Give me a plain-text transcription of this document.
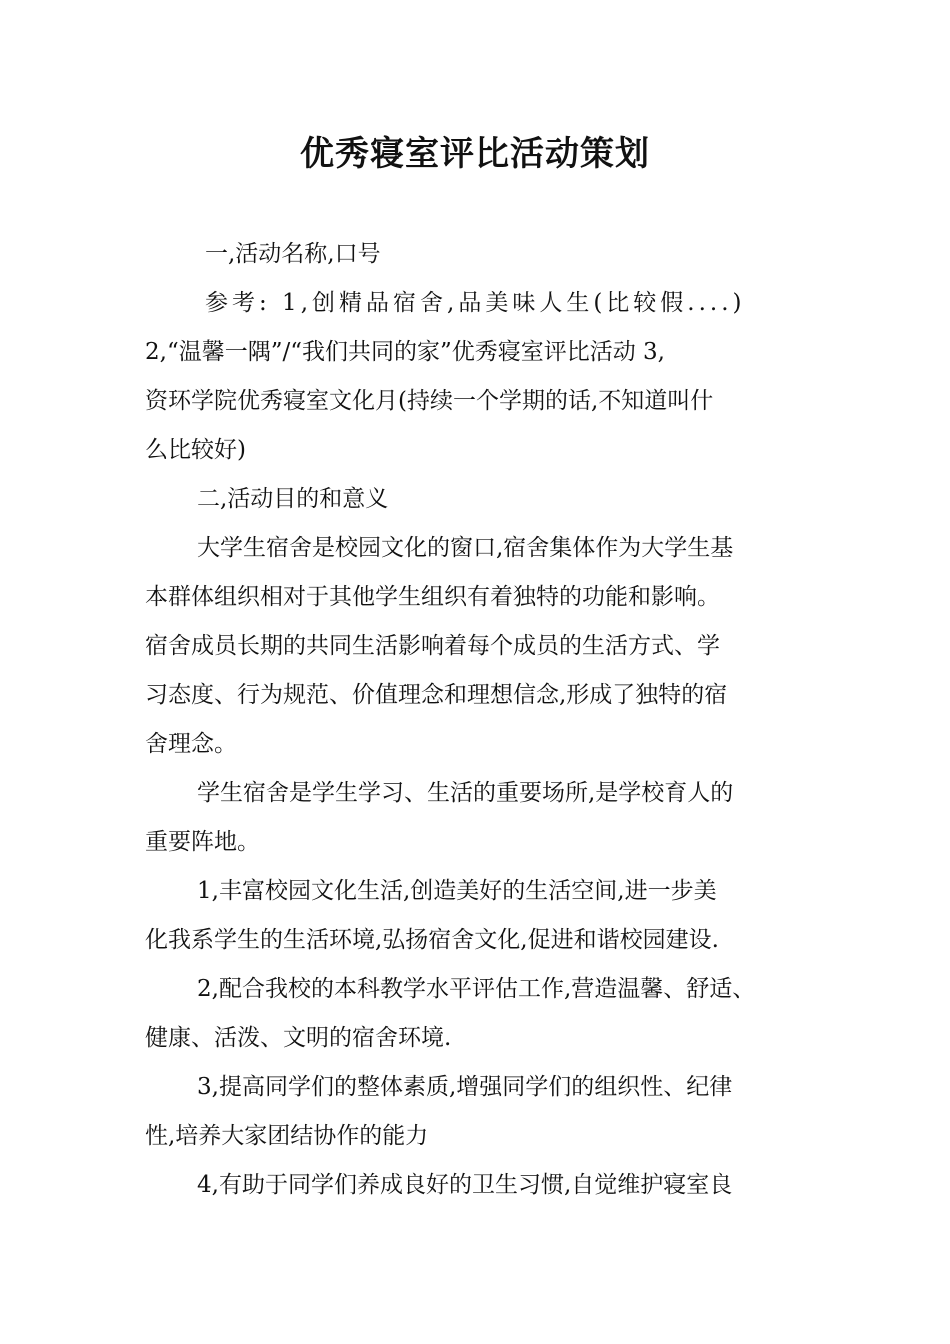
优秀寝室评比活动策划
一,活动名称,口号
参考: 1,创精品宿舍,品美味人生(比较假....)
2,“温馨一隅”/“我们共同的家”优秀寝室评比活动 3,
资环学院优秀寝室文化月(持续一个学期的话,不知道叫什
么比较好)
二,活动目的和意义
大学生宿舍是校园文化的窗口,宿舍集体作为大学生基
本群体组织相对于其他学生组织有着独特的功能和影响。
宿舍成员长期的共同生活影响着每个成员的生活方式、学
习态度、行为规范、价值理念和理想信念,形成了独特的宿
舍理念。
学生宿舍是学生学习、生活的重要场所,是学校育人的
重要阵地。
1,丰富校园文化生活,创造美好的生活空间,进一步美
化我系学生的生活环境,弘扬宿舍文化,促进和谐校园建设.
2,配合我校的本科教学水平评估工作,营造温馨、舒适、
健康、活泼、文明的宿舍环境.
3,提高同学们的整体素质,增强同学们的组织性、纪律
性,培养大家团结协作的能力
4,有助于同学们养成良好的卫生习惯,自觉维护寝室良
